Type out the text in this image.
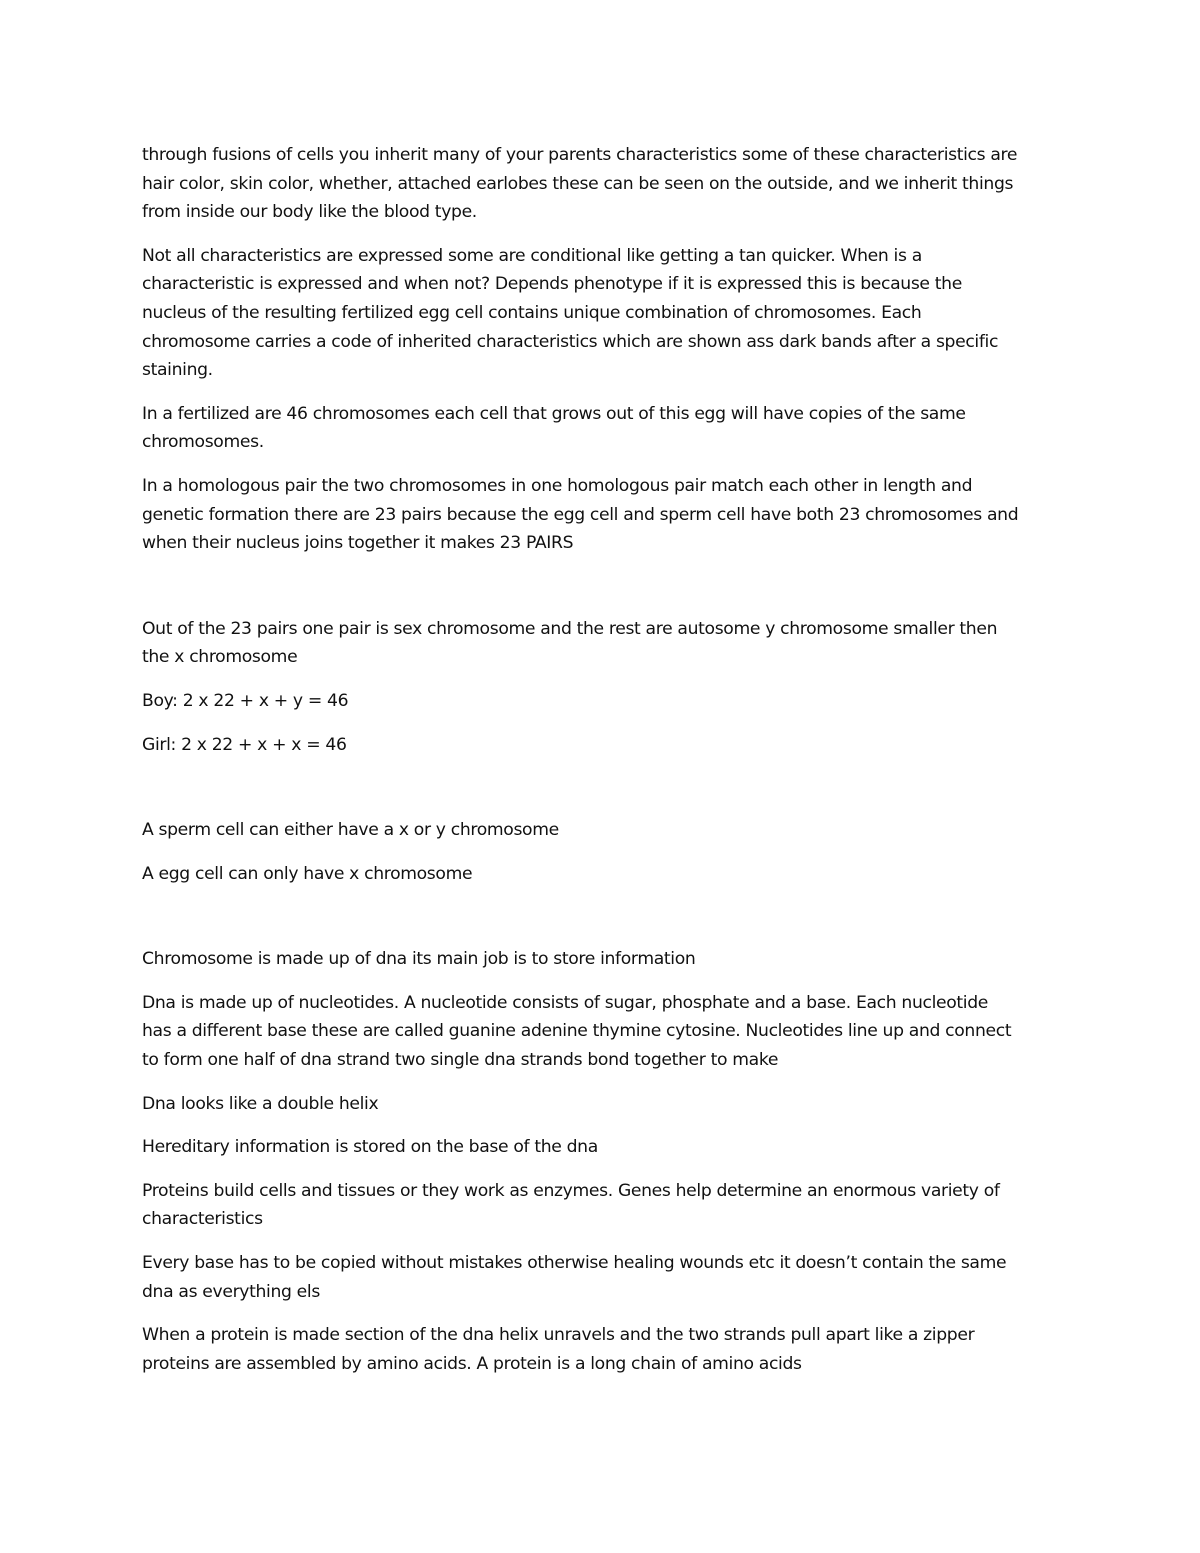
through fusions of cells you inherit many of your parents characteristics some of these characteristics are
hair color, skin color, whether, attached earlobes these can be seen on the outside, and we inherit things
from inside our body like the blood type.

Not all characteristics are expressed some are conditional like getting a tan quicker. When is a
characteristic is expressed and when not? Depends phenotype if it is expressed this is because the
nucleus of the resulting fertilized egg cell contains unique combination of chromosomes. Each
chromosome carries a code of inherited characteristics which are shown ass dark bands after a specific
staining.

In a fertilized are 46 chromosomes each cell that grows out of this egg will have copies of the same
chromosomes.

In a homologous pair the two chromosomes in one homologous pair match each other in length and
genetic formation there are 23 pairs because the egg cell and sperm cell have both 23 chromosomes and
when their nucleus joins together it makes 23 PAIRS

Out of the 23 pairs one pair is sex chromosome and the rest are autosome y chromosome smaller then
the x chromosome

Boy: 2 x 22 + x + y = 46

Girl: 2 x 22 + x + x = 46

A sperm cell can either have a x or y chromosome

A egg cell can only have x chromosome

Chromosome is made up of dna its main job is to store information

Dna is made up of nucleotides. A nucleotide consists of sugar, phosphate and a base. Each nucleotide
has a different base these are called guanine adenine thymine cytosine. Nucleotides line up and connect
to form one half of dna strand two single dna strands bond together to make

Dna looks like a double helix

Hereditary information is stored on the base of the dna

Proteins build cells and tissues or they work as enzymes. Genes help determine an enormous variety of
characteristics

Every base has to be copied without mistakes otherwise healing wounds etc it doesn’t contain the same
dna as everything els

When a protein is made section of the dna helix unravels and the two strands pull apart like a zipper
proteins are assembled by amino acids. A protein is a long chain of amino acids
